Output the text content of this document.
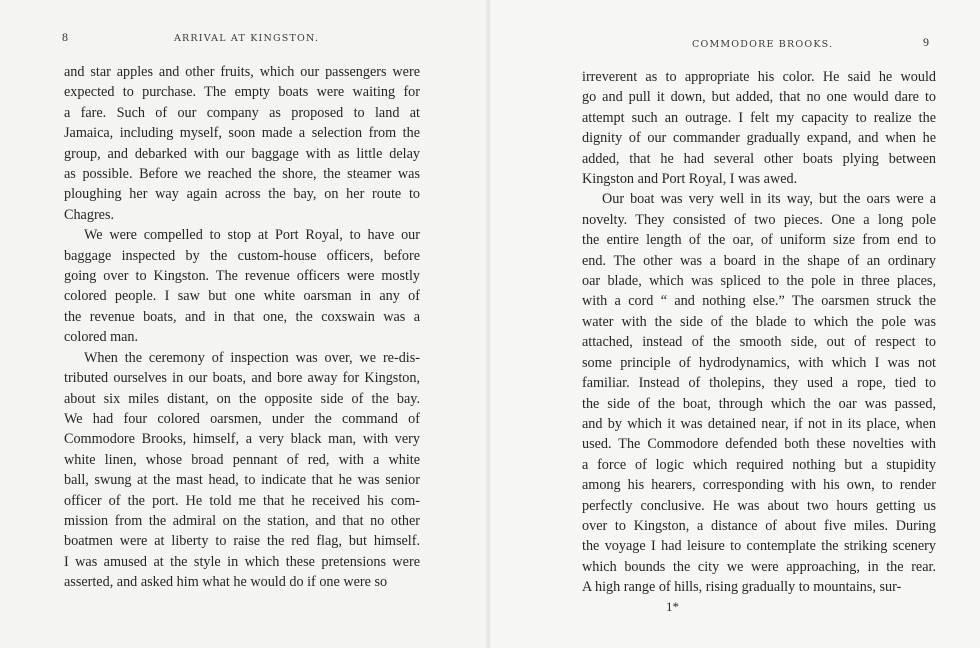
8	ARRIVAL AT KINGSTON.

and star apples and other fruits, which our passengers were

expected to purchase. The empty boats were waiting for

a fare. Such of our company as proposed to land at

Jamaica, including myself, soon made a selection from the

group, and debarked with our baggage with as little delay

as possible. Before we reached the shore, the steamer was

ploughing her way again across the bay, on her route to

Chagres.

We were compelled to stop at Port Royal, to have our

baggage inspected by the custom-house officers, before

going over to Kingston. The revenue officers were mostly

colored people. I saw but one white oarsman in any of

the revenue boats, and in that one, the coxswain was a

colored man.

When the ceremony of inspection was over, we re-dis-

tributed ourselves in our boats, and bore away for Kingston,

about six miles distant, on the opposite side of the bay.

We had four colored oarsmen, under the command of

Commodore Brooks, himself, a very black man, with very

white linen, whose broad pennant of red, with a white

ball, swung at the mast head, to indicate that he was senior

officer of the port. He told me that he received his com-

mission from the admiral on the station, and that no other

boatmen were at liberty to raise the red flag, but himself.

I was amused at the style in which these pretensions were

asserted, and asked him what he would do if one were so

COMMODORE BROOKS.	9

irreverent as to appropriate his color. He said he would

go and pull it down, but added, that no one would dare to

attempt such an outrage. I felt my capacity to realize the

dignity of our commander gradually expand, and when he

added, that he had several other boats plying between

Kingston and Port Royal, I was awed.

Our boat was very well in its way, but the oars were a

novelty. They consisted of two pieces. One a long pole

the entire length of the oar, of uniform size from end to

end. The other was a board in the shape of an ordinary

oar blade, which was spliced to the pole in three places,

with a cord “ and nothing else.” The oarsmen struck the

water with the side of the blade to which the pole was

attached, instead of the smooth side, out of respect to

some principle of hydrodynamics, with which I was not

familiar. Instead of tholepins, they used a rope, tied to

the side of the boat, through which the oar was passed,

and by which it was detained near, if not in its place, when

used. The Commodore defended both these novelties with

a force of logic which required nothing but a stupidity

among his hearers, corresponding with his own, to render

perfectly conclusive. He was about two hours getting us

over to Kingston, a distance of about five miles. During

the voyage I had leisure to contemplate the striking scenery

which bounds the city we were approaching, in the rear.

A high range of hills, rising gradually to mountains, sur-

1*
